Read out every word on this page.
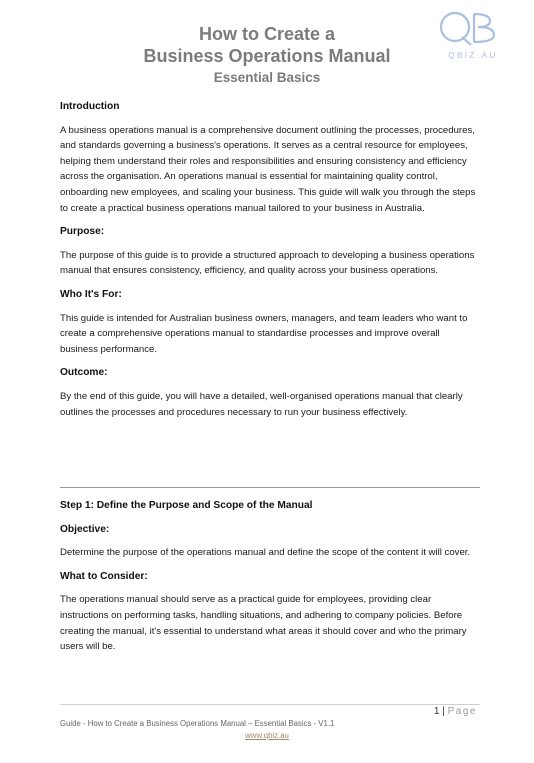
How to Create a
Business Operations Manual
Essential Basics
QBIZ.AU
Introduction
A business operations manual is a comprehensive document outlining the processes, procedures, and standards governing a business's operations. It serves as a central resource for employees, helping them understand their roles and responsibilities and ensuring consistency and efficiency across the organisation. An operations manual is essential for maintaining quality control, onboarding new employees, and scaling your business. This guide will walk you through the steps to create a practical business operations manual tailored to your business in Australia.
Purpose:
The purpose of this guide is to provide a structured approach to developing a business operations manual that ensures consistency, efficiency, and quality across your business operations.
Who It's For:
This guide is intended for Australian business owners, managers, and team leaders who want to create a comprehensive operations manual to standardise processes and improve overall business performance.
Outcome:
By the end of this guide, you will have a detailed, well-organised operations manual that clearly outlines the processes and procedures necessary to run your business effectively.
Step 1: Define the Purpose and Scope of the Manual
Objective:
Determine the purpose of the operations manual and define the scope of the content it will cover.
What to Consider:
The operations manual should serve as a practical guide for employees, providing clear instructions on performing tasks, handling situations, and adhering to company policies. Before creating the manual, it's essential to understand what areas it should cover and who the primary users will be.
1 | Page
Guide - How to Create a Business Operations Manual – Essential Basics - V1.1
www.qbiz.au
